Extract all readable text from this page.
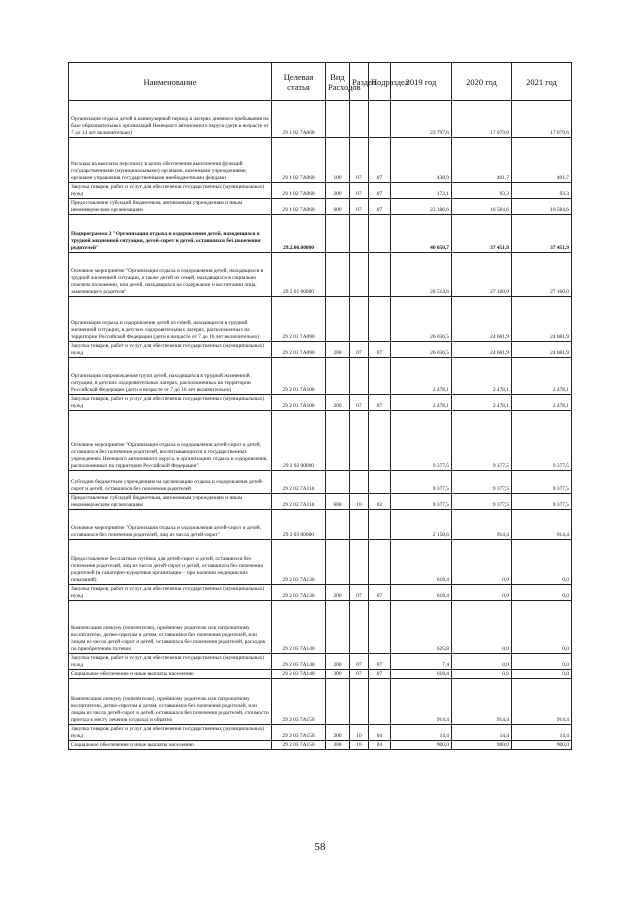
Наименование	Целевая статья	Вид Расходов	Раздел	Подраздел	2019 год	2020 год	2021 год
Организация отдыха детей в каникулярный период в лагерях дневного пребывания на базе образовательных организаций Ненецкого автономного округа (дети в возрасте от 7 до 14 лет включительно)	29 1 02 7А060				23 797,6	17 079,6	17 079,6
Расходы на выплаты персоналу в целях обеспечения выполнения функций государственными (муниципальными) органами, казенными учреждениями, органами управления государственными внебюджетными фондами	29 1 02 7А060	100	07	07	438,9	401,7	401,7
Закупка товаров, работ и услуг для обеспечения государственных (муниципальных) нужд	29 1 02 7А060	200	07	07	172,1	93,3	93,3
Предоставление субсидий бюджетным, автономным учреждениям и иным некоммерческим организациям	29 1 02 7А060	600	07	07	23 186,6	16 584,6	16 584,6
Подпрограмма 2 "Организация отдыха и оздоровления детей, находящихся в трудной жизненной ситуации, детей-сирот и детей, оставшихся без попечения родителей"	29.2.00.00000				40 050,7	37 451,9	37 451,9
Основное мероприятие "Организация отдыха и оздоровления детей, находящихся в трудной жизненной ситуации, а также детей из семей, находящихся в социально опасном положении, или детей, находящихся на содержании и воспитании лица, заменяющего родителя"	29 2 01 00000				28 514,6	27 160,0	27 160,0
Организация отдыха и оздоровления детей из семей, находящихся в трудной жизненной ситуации, в детских оздоровительных лагерях, расположенных на территории Российской Федерации (дети в возрасте от 7 до 16 лет включительно)	29 2 01 7А090				26 036,5	24 681,9	24 681,9
Закупка товаров, работ и услуг для обеспечения государственных (муниципальных) нужд	29 2 01 7А090	200	07	07	26 036,5	24 681,9	24 681,9
Организация сопровождения групп детей, находящихся в трудной жизненной ситуации, в детских оздоровительных лагерях, расположенных на территории Российской Федерации (дети в возрасте от 7 до 16 лет включительно)	29 2 01 7А100				2 478,1	2 478,1	2 478,1
Закупка товаров, работ и услуг для обеспечения государственных (муниципальных) нужд	29 2 01 7А100	200	07	07	2 478,1	2 478,1	2 478,1
Основное мероприятие "Организация отдыха и оздоровления детей-сирот и детей, оставшихся без попечения родителей, воспитывающихся в государственных учреждениях Ненецкого автономного округа, в организациях отдыха и оздоровления, расположенных на территории Российской Федерации"	29 2 02 00000				9 377,5	9 377,5	9 377,5
Субсидии бюджетным учреждениям на организацию отдыха и оздоровления детей-сирот и детей, оставшихся без попечения родителей	29 2 02 7А110				9 377,5	9 377,5	9 377,5
Предоставление субсидий бюджетным, автономным учреждениям и иным некоммерческим организациям	29 2 02 7А110	600	10	02	9 377,5	9 377,5	9 377,5
Основное мероприятие "Организация отдыха и оздоровления детей-сирот и детей, оставшихся без попечения родителей, лиц из числа детей-сирот"	29 2 03 00000				2 158,6	914,4	914,4
Предоставление бесплатных путёвок для детей-сирот и детей, оставшихся без попечения родителей, лиц из числа детей-сирот и детей, оставшихся без попечения родителей (в санаторно-курортные организации – при наличии медицинских показаний)	29 2 03 7А130				618,4	0,0	0,0
Закупка товаров, работ и услуг для обеспечения государственных (муниципальных) нужд	29 2 03 7А130	200	07	07	618,4	0,0	0,0
Компенсация опекуну (попечителю), приёмному родителю или патронатному воспитателю, детям-сиротам и детям, оставшимся без попечения родителей, или лицам из числа детей-сирот и детей, оставшихся без попечения родителей, расходов по приобретению путевок	29 2 03 7А140				625,8	0,0	0,0
Закупка товаров, работ и услуг для обеспечения государственных (муниципальных) нужд	29 2 03 7А140	200	07	07	7,4	0,0	0,0
Социальное обеспечение и иные выплаты населению	29 2 03 7А140	300	07	07	618,4	0,0	0,0
Компенсация опекуну (попечителю), приёмному родителю или патронатному воспитателю, детям-сиротам и детям, оставшимся без попечения родителей, или лицам из числа детей-сирот и детей, оставшихся без попечения родителей, стоимости проезда к месту лечения (отдыха) и обратно	29 2 03 7А150				914,4	914,4	914,4
Закупка товаров, работ и услуг для обеспечения государственных (муниципальных) нужд	29 2 03 7А150	200	10	04	14,4	14,4	14,4
Социальное обеспечение и иные выплаты населению	29 2 03 7А150	300	10	04	900,0	900,0	900,0
58
